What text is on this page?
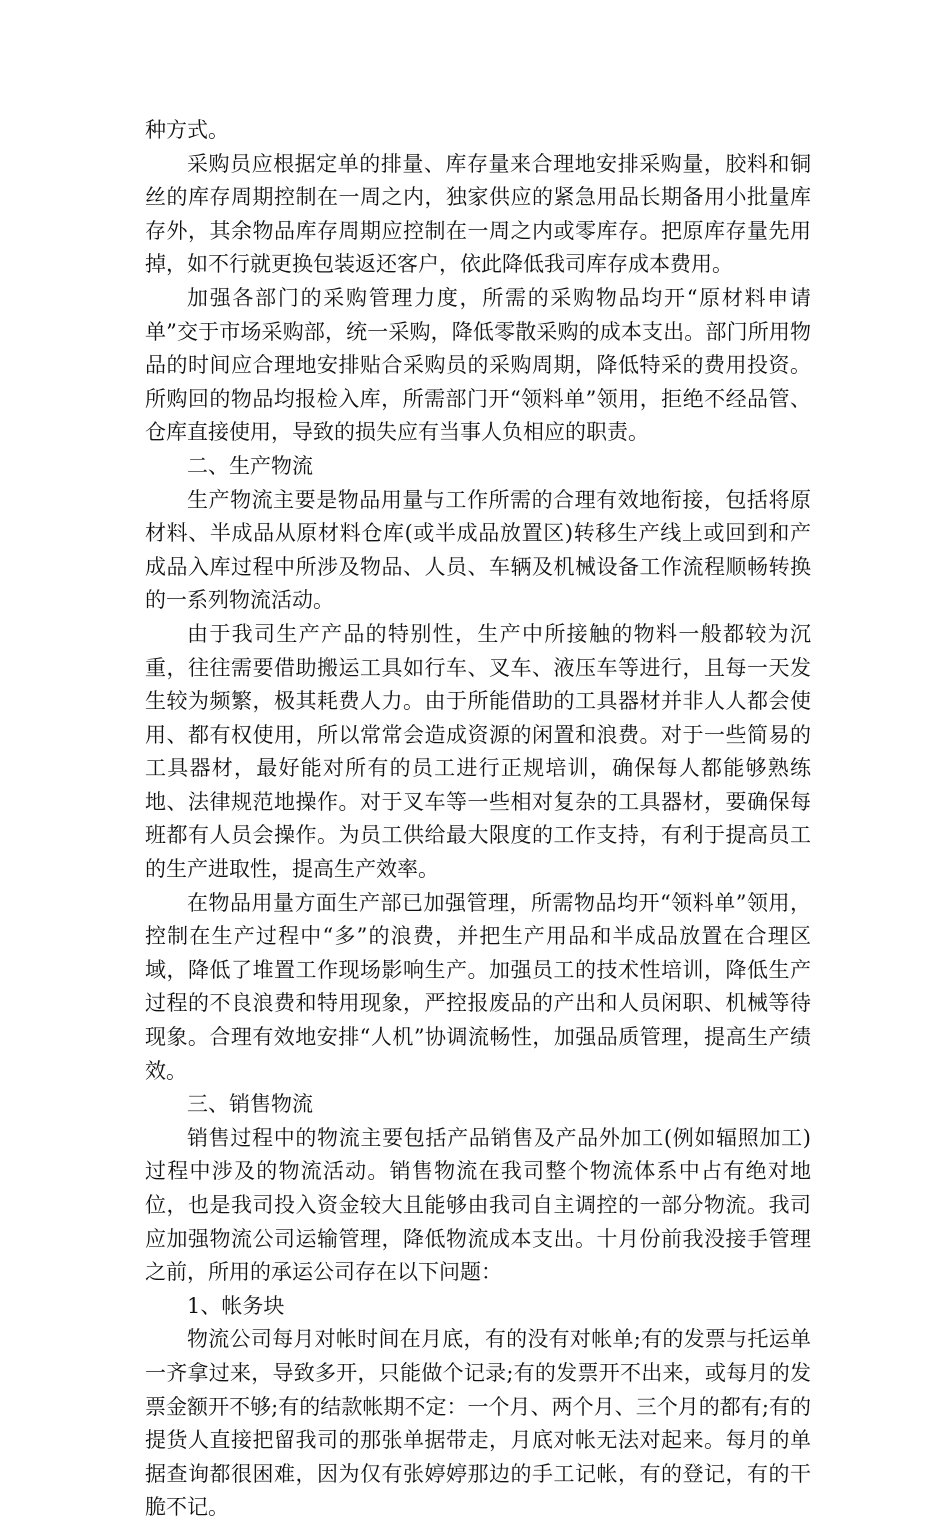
种方式。

采购员应根据定单的排量、库存量来合理地安排采购量，胶料和铜丝的库存周期控制在一周之内，独家供应的紧急用品长期备用小批量库存外，其余物品库存周期应控制在一周之内或零库存。把原库存量先用掉，如不行就更换包装返还客户，依此降低我司库存成本费用。

加强各部门的采购管理力度，所需的采购物品均开“原材料申请单”交于市场采购部，统一采购，降低零散采购的成本支出。部门所用物品的时间应合理地安排贴合采购员的采购周期，降低特采的费用投资。所购回的物品均报检入库，所需部门开“领料单”领用，拒绝不经品管、仓库直接使用，导致的损失应有当事人负相应的职责。

二、生产物流

生产物流主要是物品用量与工作所需的合理有效地衔接，包括将原材料、半成品从原材料仓库(或半成品放置区)转移生产线上或回到和产成品入库过程中所涉及物品、人员、车辆及机械设备工作流程顺畅转换的一系列物流活动。

由于我司生产产品的特别性，生产中所接触的物料一般都较为沉重，往往需要借助搬运工具如行车、叉车、液压车等进行，且每一天发生较为频繁，极其耗费人力。由于所能借助的工具器材并非人人都会使用、都有权使用，所以常常会造成资源的闲置和浪费。对于一些简易的工具器材，最好能对所有的员工进行正规培训，确保每人都能够熟练地、法律规范地操作。对于叉车等一些相对复杂的工具器材，要确保每班都有人员会操作。为员工供给最大限度的工作支持，有利于提高员工的生产进取性，提高生产效率。

在物品用量方面生产部已加强管理，所需物品均开“领料单”领用，控制在生产过程中“多”的浪费，并把生产用品和半成品放置在合理区域，降低了堆置工作现场影响生产。加强员工的技术性培训，降低生产过程的不良浪费和特用现象，严控报废品的产出和人员闲职、机械等待现象。合理有效地安排“人机”协调流畅性，加强品质管理，提高生产绩效。

三、销售物流

销售过程中的物流主要包括产品销售及产品外加工(例如辐照加工)过程中涉及的物流活动。销售物流在我司整个物流体系中占有绝对地位，也是我司投入资金较大且能够由我司自主调控的一部分物流。我司应加强物流公司运输管理，降低物流成本支出。十月份前我没接手管理之前，所用的承运公司存在以下问题：

1、帐务块

物流公司每月对帐时间在月底，有的没有对帐单;有的发票与托运单一齐拿过来，导致多开，只能做个记录;有的发票开不出来，或每月的发票金额开不够;有的结款帐期不定：一个月、两个月、三个月的都有;有的提货人直接把留我司的那张单据带走，月底对帐无法对起来。每月的单据查询都很困难，因为仅有张婷婷那边的手工记帐，有的登记，有的干脆不记。
